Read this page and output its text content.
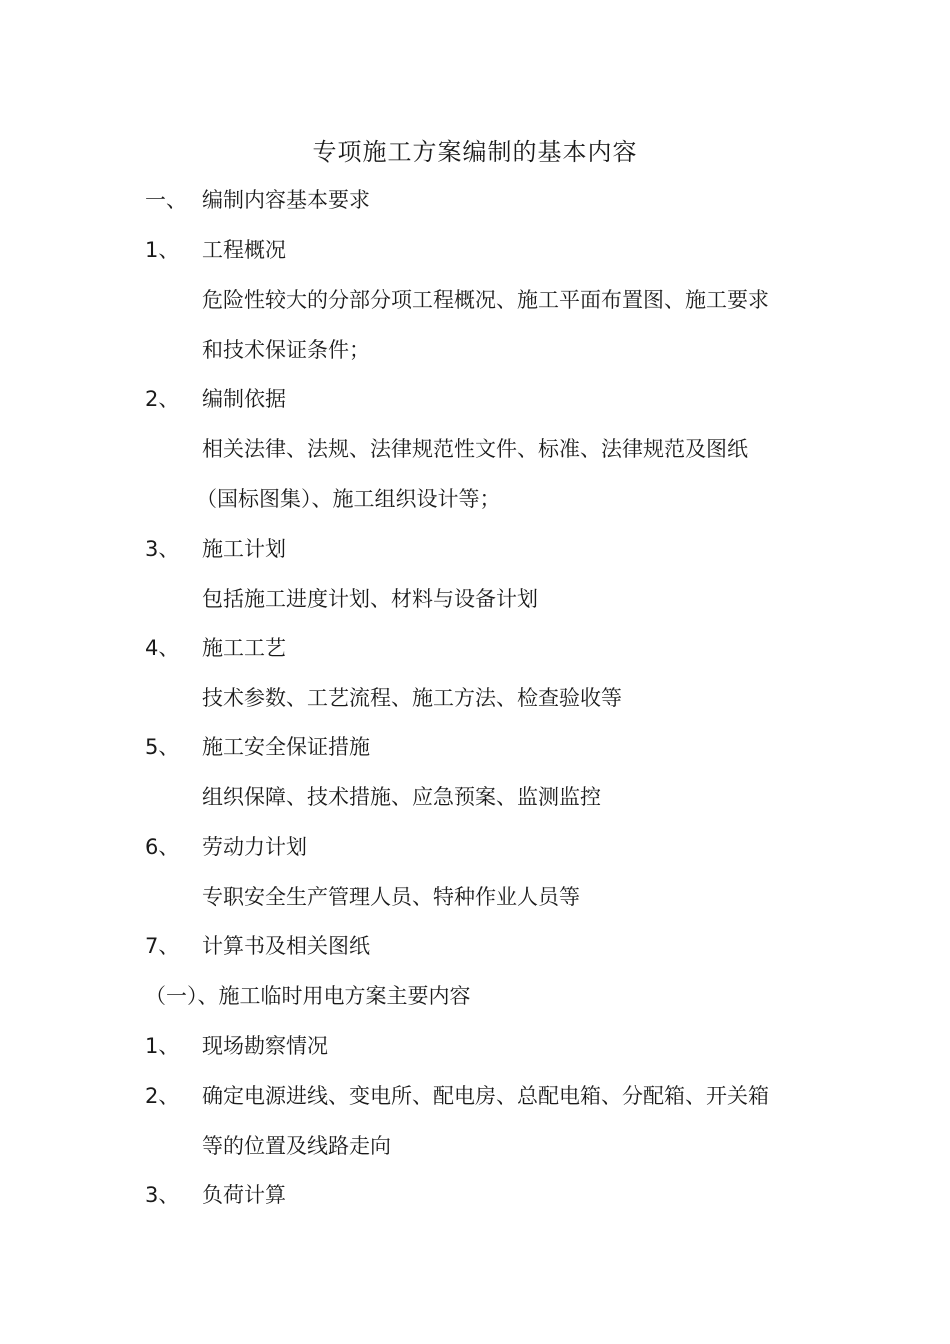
专项施工方案编制的基本内容
一、 编制内容基本要求
1、 工程概况
危险性较大的分部分项工程概况、施工平面布置图、施工要求
和技术保证条件；
2、 编制依据
相关法律、法规、法律规范性文件、标准、法律规范及图纸
（国标图集）、施工组织设计等；
3、 施工计划
包括施工进度计划、材料与设备计划
4、 施工工艺
技术参数、工艺流程、施工方法、检查验收等
5、 施工安全保证措施
组织保障、技术措施、应急预案、监测监控
6、 劳动力计划
专职安全生产管理人员、特种作业人员等
7、 计算书及相关图纸
（一）、施工临时用电方案主要内容
1、 现场勘察情况
2、 确定电源进线、变电所、配电房、总配电箱、分配箱、开关箱
等的位置及线路走向
3、 负荷计算
